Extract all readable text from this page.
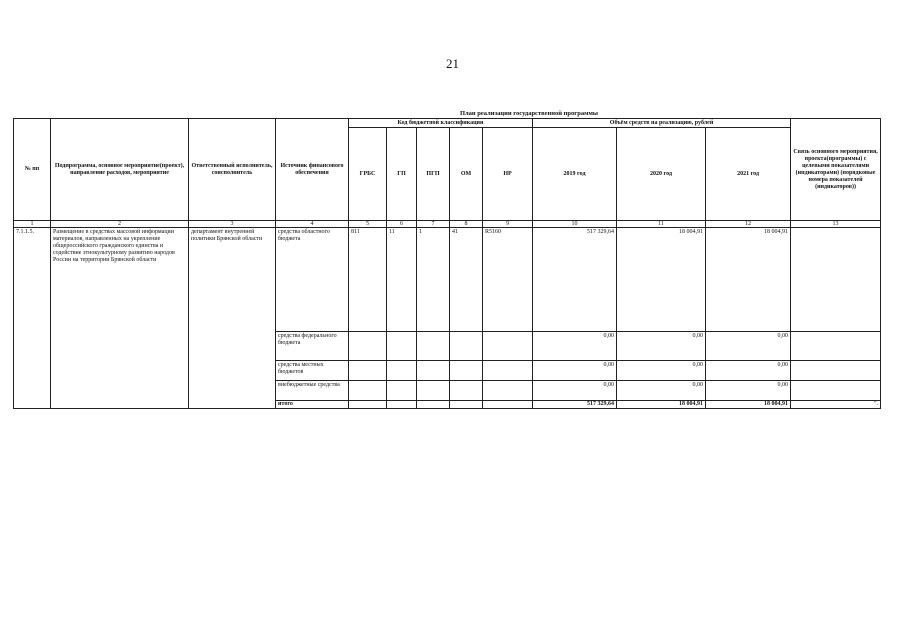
21
План реализации государственной программы
№ пп	Подпрограмма, основное мероприятие(проект), направление расходов, мероприятие	Ответственный исполнитель, соисполнитель	Источник финансового обеспечения	Код бюджетной классификации					Объём средств на реализацию, рублей			Связь основного мероприятия, проекта(программы) с целевыми показателями (индикаторами) (порядковые номера показателей (индикаторов))
				ГРБС	ГП	ПГП	ОМ	НР	2019 год	2020 год	2021 год	
1	2	3	4	5	6	7	8	9	10	11	12	13
7.1.1.5.	Размещение в средствах массовой информации материалов, направленных на укрепление общероссийского гражданского единства и содействие этнокультурному развитию народов России на территории Брянской области	департамент внутренней политики Брянской области	средства областного бюджета	811	11	1	41	R5160	517 329,64	18 004,91	18 004,91	
			средства федерального бюджета						0,00	0,00	0,00	
			средства местных бюджетов						0,00	0,00	0,00	
			внебюджетные средства						0,00	0,00	0,00	
			итого						517 329,64	18 004,91	18 004,91	".
